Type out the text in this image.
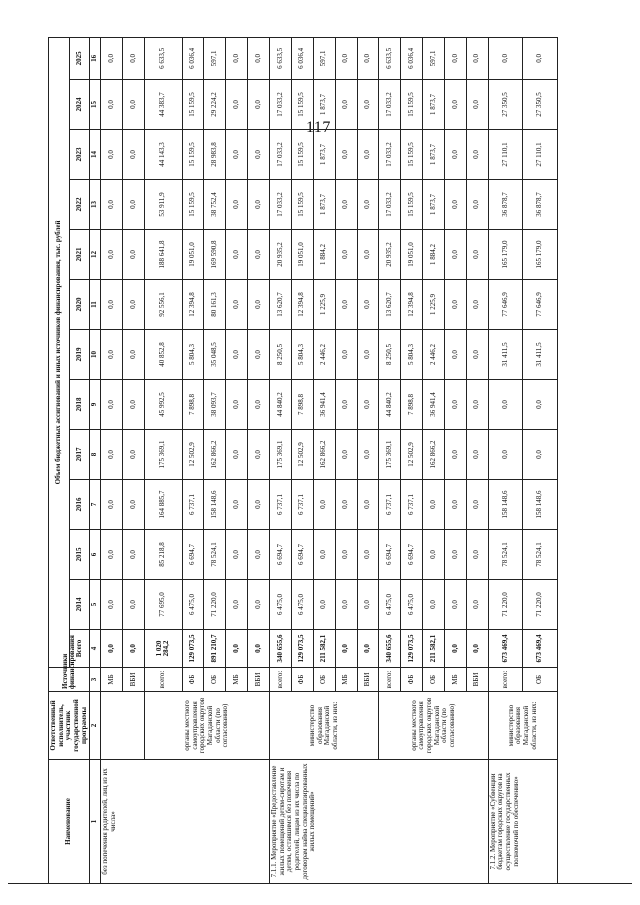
117
Наименование	Ответственный исполнитель, участник государственной программы	Источники финансирования	Объем бюджетных ассигнований и иных источников финансирования, тыс. рублей												
			Всего	2014	2015	2016	2017	2018	2019	2020	2021	2022	2023	2024	2025
1	2	3	4	5	6	7	8	9	10	11	12	13	14	15	16
без попечения родителей, лиц из их числа»		МБ	0,0	0,0	0,0	0,0	0,0	0,0	0,0	0,0	0,0	0,0	0,0	0,0	0,0
		ВБИ	0,0	0,0	0,0	0,0	0,0	0,0	0,0	0,0	0,0	0,0	0,0	0,0	0,0
	органы местного самоуправления городских округов Магаданской области (по согласованию)	всего:	1 020 284,2	77 695,0	85 218,8	164 885,7	175 369,1	45 992,5	40 852,8	92 556,1	188 641,8	53 911,9	44 143,3	44 383,7	6 633,5
		ФБ	129 073,5	6 475,0	6 694,7	6 737,1	12 502,9	7 898,8	5 804,3	12 394,8	19 051,0	15 159,5	15 159,5	15 159,5	6 036,4
		ОБ	891 210,7	71 220,0	78 524,1	158 148,6	162 866,2	38 093,7	35 048,5	80 161,3	169 590,8	38 752,4	28 983,8	29 224,2	597,1
		МБ	0,0	0,0	0,0	0,0	0,0	0,0	0,0	0,0	0,0	0,0	0,0	0,0	0,0
		ВБИ	0,0	0,0	0,0	0,0	0,0	0,0	0,0	0,0	0,0	0,0	0,0	0,0	0,0
7.1.1. Мероприятие «Предоставление жилых помещений детям-сиротам и детям, оставшимся без попечения родителей, лицам из их числа по договорам найма специализированных жилых помещений»	министерство образования Магаданской области, из них:	всего:	340 655,6	6 475,0	6 694,7	6 737,1	175 369,1	44 840,2	8 250,5	13 620,7	20 935,2	17 033,2	17 033,2	17 033,2	6 633,5
		ФБ	129 073,5	6 475,0	6 694,7	6 737,1	12 502,9	7 898,8	5 804,3	12 394,8	19 051,0	15 159,5	15 159,5	15 159,5	6 036,4
		ОБ	211 582,1	0,0	0,0	0,0	162 866,2	36 941,4	2 446,2	1 225,9	1 884,2	1 873,7	1 873,7	1 873,7	597,1
		МБ	0,0	0,0	0,0	0,0	0,0	0,0	0,0	0,0	0,0	0,0	0,0	0,0	0,0
		ВБИ	0,0	0,0	0,0	0,0	0,0	0,0	0,0	0,0	0,0	0,0	0,0	0,0	0,0
	органы местного самоуправления городских округов Магаданской области (по согласованию)	всего:	340 655,6	6 475,0	6 694,7	6 737,1	175 369,1	44 840,2	8 250,5	13 620,7	20 935,2	17 033,2	17 033,2	17 033,2	6 633,5
		ФБ	129 073,5	6 475,0	6 694,7	6 737,1	12 502,9	7 898,8	5 804,3	12 394,8	19 051,0	15 159,5	15 159,5	15 159,5	6 036,4
		ОБ	211 582,1	0,0	0,0	0,0	162 866,2	36 941,4	2 446,2	1 225,9	1 884,2	1 873,7	1 873,7	1 873,7	597,1
		МБ	0,0	0,0	0,0	0,0	0,0	0,0	0,0	0,0	0,0	0,0	0,0	0,0	0,0
		ВБИ	0,0	0,0	0,0	0,0	0,0	0,0	0,0	0,0	0,0	0,0	0,0	0,0	0,0
7.1.2. Мероприятие «Субвенции бюджетам городских округов на осуществление государственных полномочий по обеспечению»	министерство образования Магаданской области, из них:	всего:	673 469,4	71 220,0	78 524,1	158 148,6	0,0	0,0	31 411,5	77 646,9	165 179,0	36 878,7	27 110,1	27 350,5	0,0
		ОБ	673 469,4	71 220,0	78 524,1	158 148,6	0,0	0,0	31 411,5	77 646,9	165 179,0	36 878,7	27 110,1	27 350,5	0,0
